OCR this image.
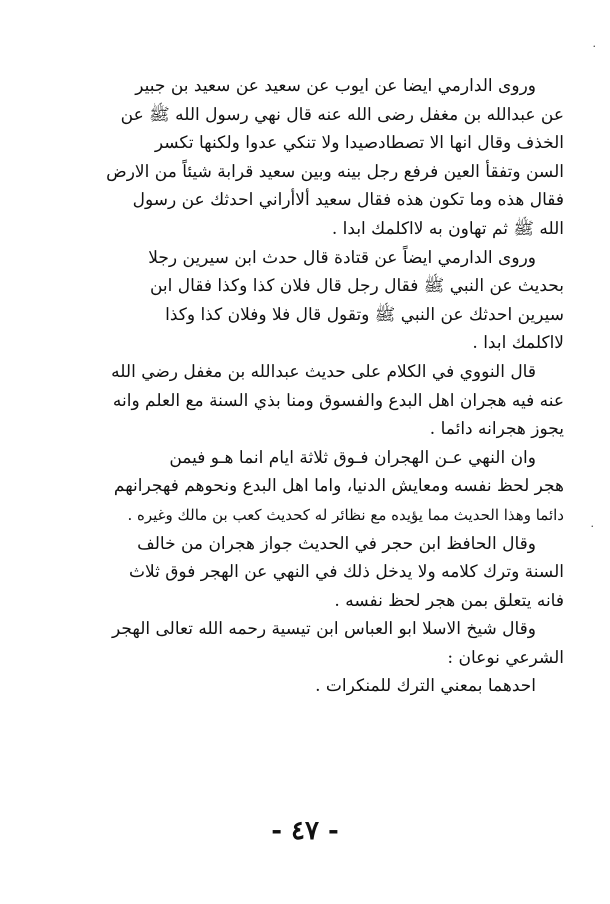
وروى الدارمي ايضا عن ايوب عن سعيد عن سعيد بن جبير
عن عبدالله بن مغفل رضى الله عنه قال نهي رسول الله ﷺ عن
الخذف وقال انها الا تصطادصيدا ولا تنكي عدوا ولكنها تكسر
السن وتفقأ العين فرفع رجل بينه وبين سعيد قرابة شيئاً من الارض
فقال هذه وما تكون هذه فقال سعيد ألاأراني احدثك عن رسول
الله ﷺ ثم تهاون به لااكلمك ابدا .
وروى الدارمي ايضاً عن قتادة قال حدث ابن سيرين رجلا
بحديث عن النبي ﷺ فقال رجل قال فلان كذا وكذا فقال ابن
سيرين احدثك عن النبي ﷺ وتقول قال فلا وفلان كذا وكذا
لااكلمك ابدا .
قال النووي في الكلام على حديث عبدالله بن مغفل رضي الله
عنه فيه هجران اهل البدع والفسوق ومنا بذي السنة مع العلم وانه
يجوز هجرانه دائما .
وان النهي عـن الهجران فـوق ثلاثة ايام انما هـو فيمن
هجر لحظ نفسه ومعايش الدنيا، واما اهل البدع ونحوهم فهجرانهم
دائما وهذا الحديث مما يؤيده مع نظائر له كحديث كعب بن مالك وغيره .
وقال الحافظ ابن حجر في الحديث جواز هجران من خالف
السنة وترك كلامه ولا يدخل ذلك في النهي عن الهجر فوق ثلاث
فانه يتعلق بمن هجر لحظ نفسه .
وقال شيخ الاسلا ابو العباس ابن تيسية رحمه الله تعالى الهجر
الشرعي نوعان :
احدهما بمعني الترك للمنكرات .
- ٤٧ -
·
·
